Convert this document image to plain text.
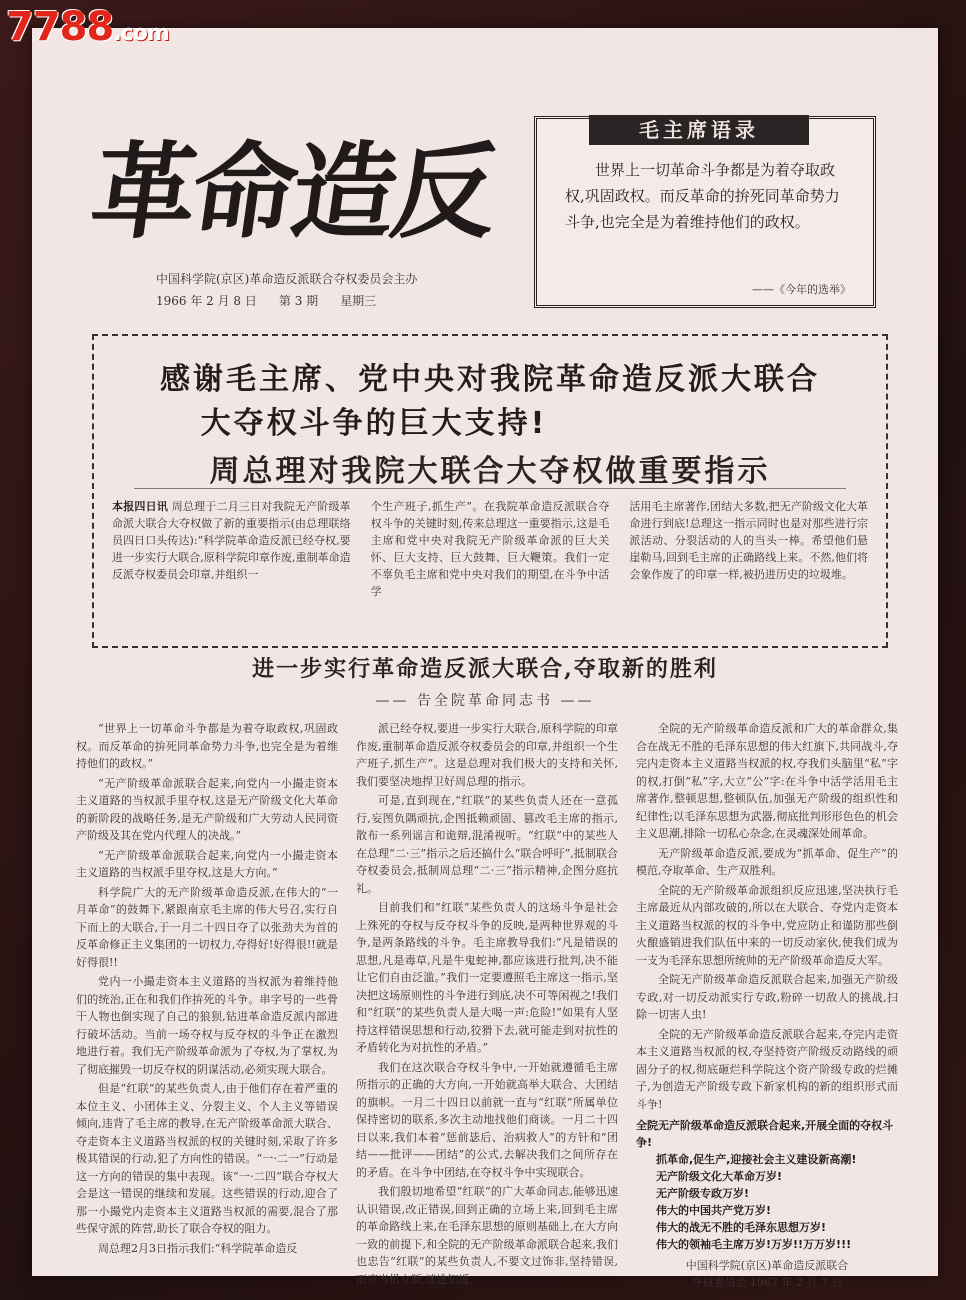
7788.com
革命造反
中国科学院(京区)革命造反派联合夺权委员会主办
1966 年 2 月 8 日 第 3 期 星期三
毛主席语录
世界上一切革命斗争都是为着夺取政权,巩固政权。而反革命的拚死同革命势力斗争,也完全是为着维持他们的政权。
——《今年的选举》
感谢毛主席、党中央对我院革命造反派大联合
大夺权斗争的巨大支持!
周总理对我院大联合大夺权做重要指示
本报四日讯 周总理于二月三日对我院无产阶级革命派大联合大夺权做了新的重要指示(由总理联络员四日口头传达):“科学院革命造反派已经夺权,要进一步实行大联合,原科学院印章作废,重制革命造反派夺权委员会印章,并组织一
个生产班子,抓生产”。在我院革命造反派联合夺权斗争的关键时刻,传来总理这一重要指示,这是毛主席和党中央对我院无产阶级革命派的巨大关怀、巨大支持、巨大鼓舞、巨大鞭策。我们一定不辜负毛主席和党中央对我们的期望,在斗争中活学
活用毛主席著作,团结大多数,把无产阶级文化大革命进行到底!总理这一指示同时也是对那些进行宗派活动、分裂活动的人的当头一棒。希望他们悬崖勒马,回到毛主席的正确路线上来。不然,他们将会象作废了的印章一样,被扔进历史的垃圾堆。
进一步实行革命造反派大联合,夺取新的胜利
—— 告全院革命同志书 ——

“世界上一切革命斗争都是为着夺取政权,巩固政权。而反革命的拚死同革命势力斗争,也完全是为着维持他们的政权。”

“无产阶级革命派联合起来,向党内一小撮走资本主义道路的当权派手里夺权,这是无产阶级文化大革命的新阶段的战略任务,是无产阶级和广大劳动人民同资产阶级及其在党内代理人的决战。”

“无产阶级革命派联合起来,向党内一小撮走资本主义道路的当权派手里夺权,这是大方向。”

科学院广大的无产阶级革命造反派,在伟大的“一月革命”的鼓舞下,紧跟南京毛主席的伟大号召,实行自下而上的大联合,于一月二十四日夺了以张劲夫为首的反革命修正主义集团的一切权力,夺得好!好得很!!就是好得很!!

党内一小撮走资本主义道路的当权派为着维持他们的统治,正在和我们作拚死的斗争。串字号的一些骨干人物也倒实现了自己的狼狈,钻进革命造反派内部进行破坏活动。当前一场夺权与反夺权的斗争正在激烈地进行着。我们无产阶级革命派为了夺权,为了掌权,为了彻底摧毁一切反夺权的阴谋活动,必须实现大联合。

但是“红联”的某些负责人,由于他们存在着严重的本位主义、小团体主义、分裂主义、个人主义等错误倾向,违背了毛主席的教导,在无产阶级革命派大联合、夺走资本主义道路当权派的权的关键时刻,采取了许多极其错误的行动,犯了方向性的错误。“一·二一”行动是这一方向的错误的集中表现。该“一·二四”联合夺权大会是这一错误的继续和发展。这些错误的行动,迎合了那一小撮党内走资本主义道路当权派的需要,混合了那些保守派的阵营,助长了联合夺权的阻力。

周总理2月3日指示我们:“科学院革命造反

派已经夺权,要进一步实行大联合,原科学院的印章作废,重制革命造反派夺权委员会的印章,并组织一个生产班子,抓生产”。这是总理对我们极大的支持和关怀,我们要坚决地捍卫好周总理的指示。

可是,直到现在,“红联”的某些负责人还在一意孤行,妄图负隅顽抗,企图抵赖顽固、篡改毛主席的指示,散布一系列谣言和诡辩,混淆视听。“红联”中的某些人在总理“二·三”指示之后还搞什么“联合呼吁”,抵制联合夺权委员会,抵制周总理“二·三”指示精神,企图分庭抗礼。

目前我们和“红联”某些负责人的这场斗争是社会上殊死的夺权与反夺权斗争的反映,是两种世界观的斗争,是两条路线的斗争。毛主席教导我们:“凡是错误的思想,凡是毒草,凡是牛鬼蛇神,都应该进行批判,决不能让它们自由泛滥。”我们一定要遵照毛主席这一指示,坚决把这场原则性的斗争进行到底,决不可等闲视之!我们和“红联”的某些负责人是大喝一声:危险!“如果有人坚持这样错误思想和行动,狡猾下去,就可能走到对抗性的矛盾转化为对抗性的矛盾。”

我们在这次联合夺权斗争中,一开始就遵循毛主席所指示的正确的大方向,一开始就高举大联合、大团结的旗帜。一月二十四日以前就一直与“红联”所属单位保持密切的联系,多次主动地找他们商谈。一月二十四日以来,我们本着“惩前毖后、治病救人”的方针和“团结——批评——团结”的公式,去解决我们之间所存在的矛盾。在斗争中团结,在夺权斗争中实现联合。

我们殷切地希望“红联”的广大革命同志,能够迅速认识错误,改正错误,回到正确的立场上来,回到毛主席的革命路线上来,在毛泽东思想的原则基础上,在大方向一致的前提下,和全院的无产阶级革命派联合起来,我们也忠告“红联”的某些负责人,不要文过饰非,坚持错误,而应当机立断,迷途知返。

全院的无产阶级革命造反派和广大的革命群众,集合在战无不胜的毛泽东思想的伟大红旗下,共同战斗,夺完内走资本主义道路当权派的权,夺我们头脑里“私”字的权,打倒“私”字,大立“公”字:在斗争中活学活用毛主席著作,整顿思想,整顿队伍,加强无产阶级的组织性和纪律性;以毛泽东思想为武器,彻底批判形形色色的机会主义思潮,排除一切私心杂念,在灵魂深处闹革命。

无产阶级革命造反派,要成为“抓革命、促生产”的模范,夺取革命、生产双胜利。

全院的无产阶级革命派组织反应迅速,坚决执行毛主席最近从内部攻破的,所以在大联合、夺党内走资本主义道路当权派的权的斗争中,党应防止和谨防那些倒火酿盛销进我们队伍中来的一切反动家伙,使我们成为一支为毛泽东思想所统帅的无产阶级革命造反大军。

全院无产阶级革命造反派联合起来,加强无产阶级专政,对一切反动派实行专政,粉碎一切敌人的挑战,扫除一切害人虫!

全院的无产阶级革命造反派联合起来,夺完内走资本主义道路当权派的权,夺坚持资产阶级反动路线的顽固分子的权,彻底砸烂科学院这个资产阶级专政的烂摊子,为创造无产阶级专政下新家机构的新的组织形式而斗争!

全院无产阶级革命造反派联合起来,开展全面的夺权斗争!
抓革命,促生产,迎接社会主义建设新高潮!
无产阶级文化大革命万岁!
无产阶级专政万岁!
伟大的中国共产党万岁!
伟大的战无不胜的毛泽东思想万岁!
伟大的领袖毛主席万岁!万岁!!万万岁!!!
中国科学院(京区)革命造反派联合
夺权委员会 1967 年 2 月 7 日
